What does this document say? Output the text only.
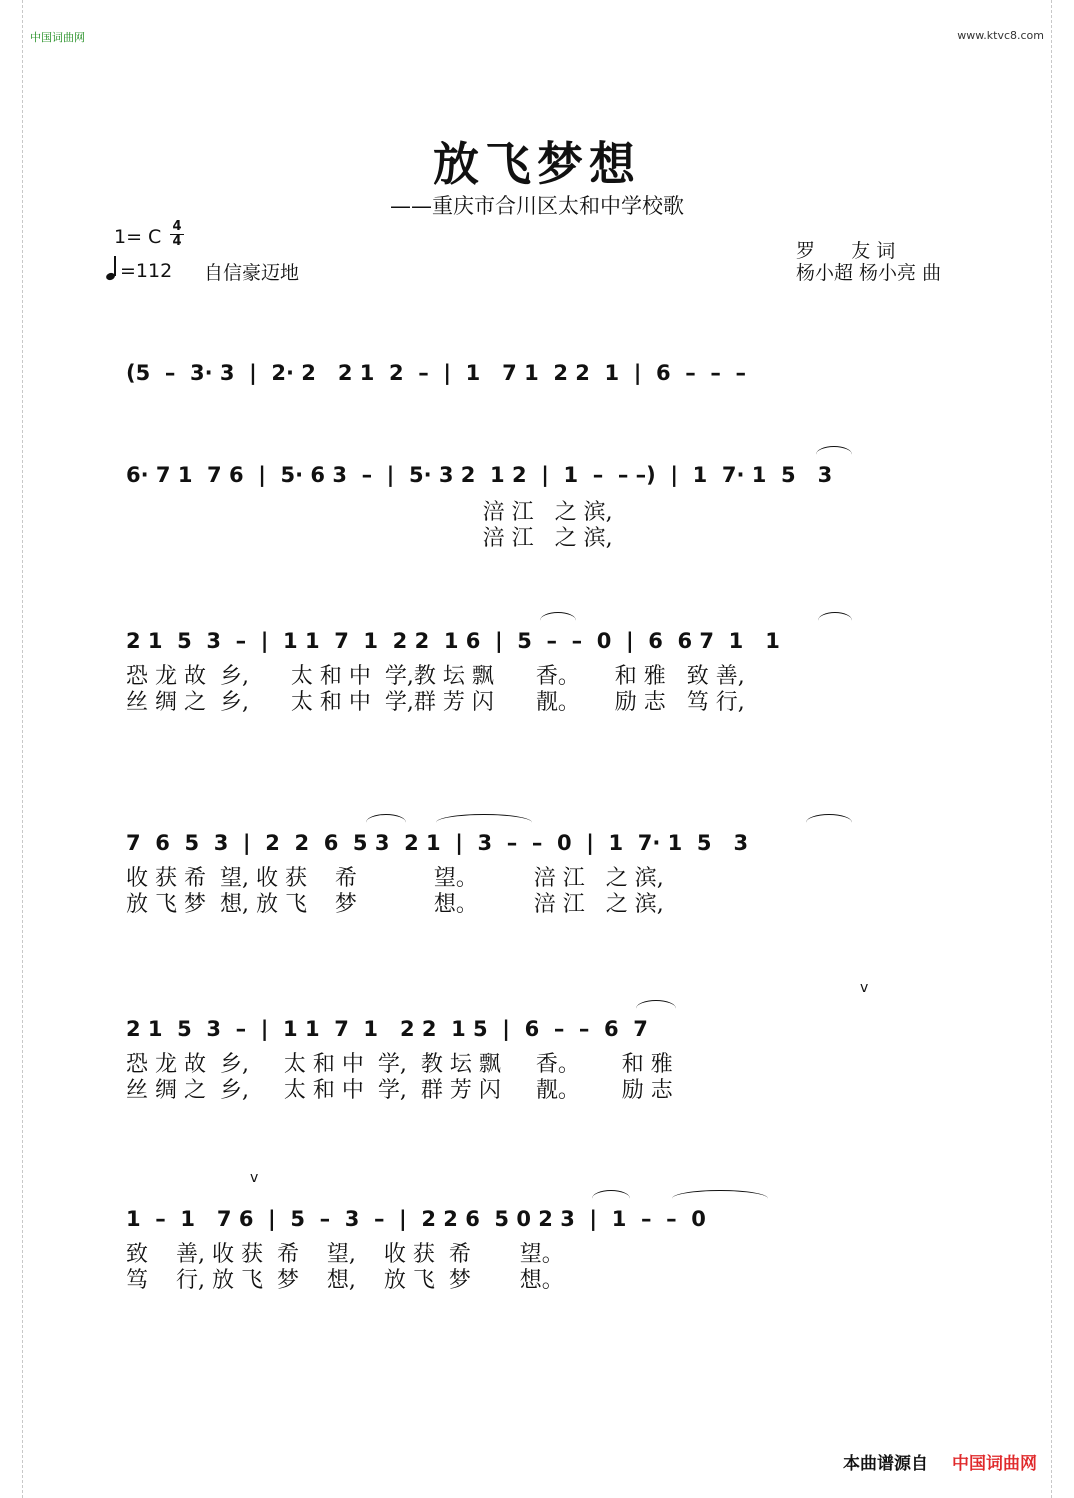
中国词曲网	www.ktvc8.com
放飞梦想
——重庆市合川区太和中学校歌
1= C 4
4
=112 自信豪迈地
罗      友 词
杨小超 杨小亮 曲
(5  –  3· 3  |  2· 2   2 1  2  –  |  1   7 1  2 2  1  |  6  –  –  –
6· 7 1  7 6  |  5· 6 3  –  |  5· 3 2  1 2  |  1  –  – –)  |  1  7· 1  5   3
涪 江   之 滨,
涪 江   之 滨,
2 1  5  3  –  |  1 1  7  1  2 2  1 6  |  5  –  –  0  |  6  6 7  1   1
恐 龙 故  乡,      太 和 中  学,教 坛 飘      香。     和 雅   致 善,
丝 绸 之  乡,      太 和 中  学,群 芳 闪      靓。     励 志   笃 行,
7  6  5  3  |  2  2  6  5 3  2 1  |  3  –  –  0  |  1  7· 1  5   3
收 获 希  望, 收 获    希           望。        涪 江   之 滨,
放 飞 梦  想, 放 飞    梦           想。        涪 江   之 滨,
2 1  5  3  –  |  1 1  7  1   2 2  1 5  |  6  –  –  6  7
v
恐 龙 故  乡,     太 和 中  学,  教 坛 飘     香。      和 雅
丝 绸 之  乡,     太 和 中  学,  群 芳 闪     靓。      励 志
1  –  1   7 6  |  5  –  3  –  |  2 2 6  5 0 2 3  |  1  –  –  0
v
致    善, 收 获  希    望,    收 获  希       望。
笃    行, 放 飞  梦    想,    放 飞  梦       想。
本曲谱源自 中国词曲网
